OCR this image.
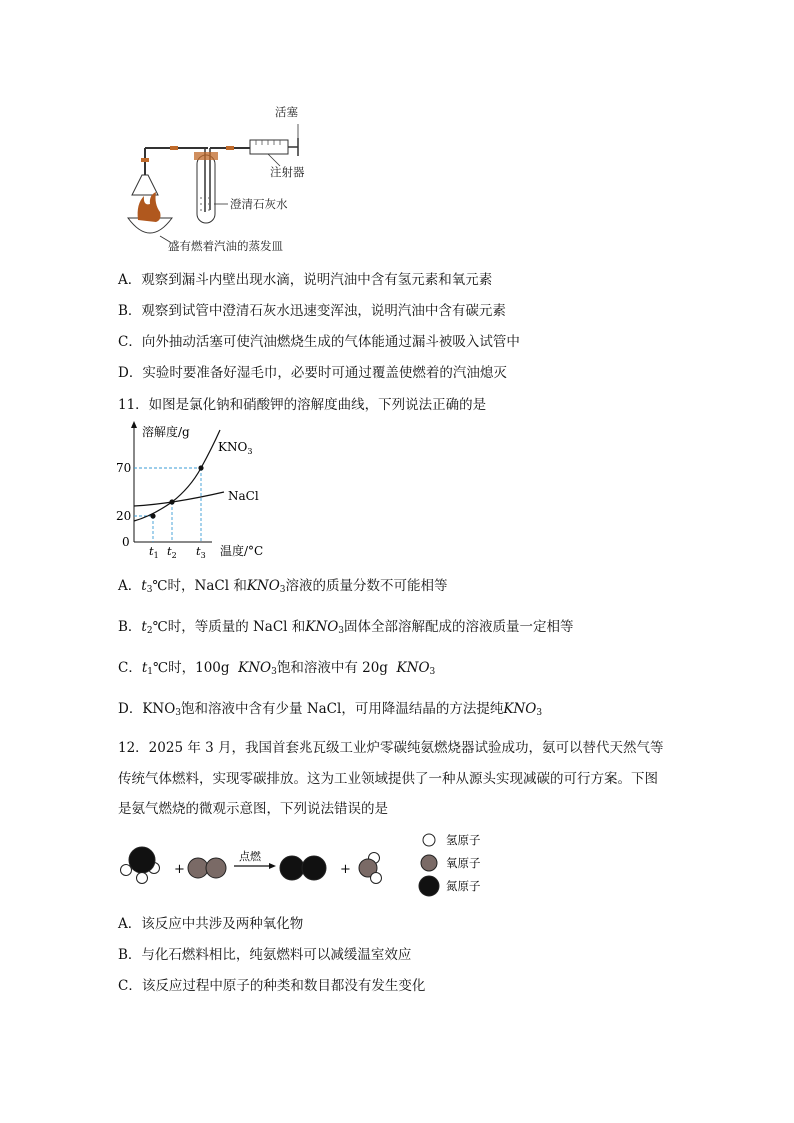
活塞
注射器
澄清石灰水
盛有燃着汽油的蒸发皿
A．观察到漏斗内壁出现水滴，说明汽油中含有氢元素和氧元素
B．观察到试管中澄清石灰水迅速变浑浊，说明汽油中含有碳元素
C．向外抽动活塞可使汽油燃烧生成的气体能通过漏斗被吸入试管中
D．实验时要准备好湿毛巾，必要时可通过覆盖使燃着的汽油熄灭
11．如图是氯化钠和硝酸钾的溶解度曲线，下列说法正确的是
溶解度/g
温度/°C
0
20
70
$t_1$ $t_2$ $t_3$
$KNO_3$
NaCl
A．$t_3℃$时，NaCl 和$KNO_3$溶液的质量分数不可能相等
B．$t_2℃$时，等质量的 NaCl 和$KNO_3$固体全部溶解配成的溶液质量一定相等
C．$t_1℃$时，100g $KNO_3$饱和溶液中有 20g $KNO_3$
D．$KNO_3$饱和溶液中含有少量 NaCl，可用降温结晶的方法提纯$KNO_3$
12．2025 年 3 月，我国首套兆瓦级工业炉零碳纯氨燃烧器试验成功，氨可以替代天然气等
传统气体燃料，实现零碳排放。这为工业领域提供了一种从源头实现减碳的可行方案。下图
是氨气燃烧的微观示意图，下列说法错误的是
+
点燃
+
氢原子
氧原子
氮原子
A．该反应中共涉及两种氧化物
B．与化石燃料相比，纯氨燃料可以减缓温室效应
C．该反应过程中原子的种类和数目都没有发生变化
